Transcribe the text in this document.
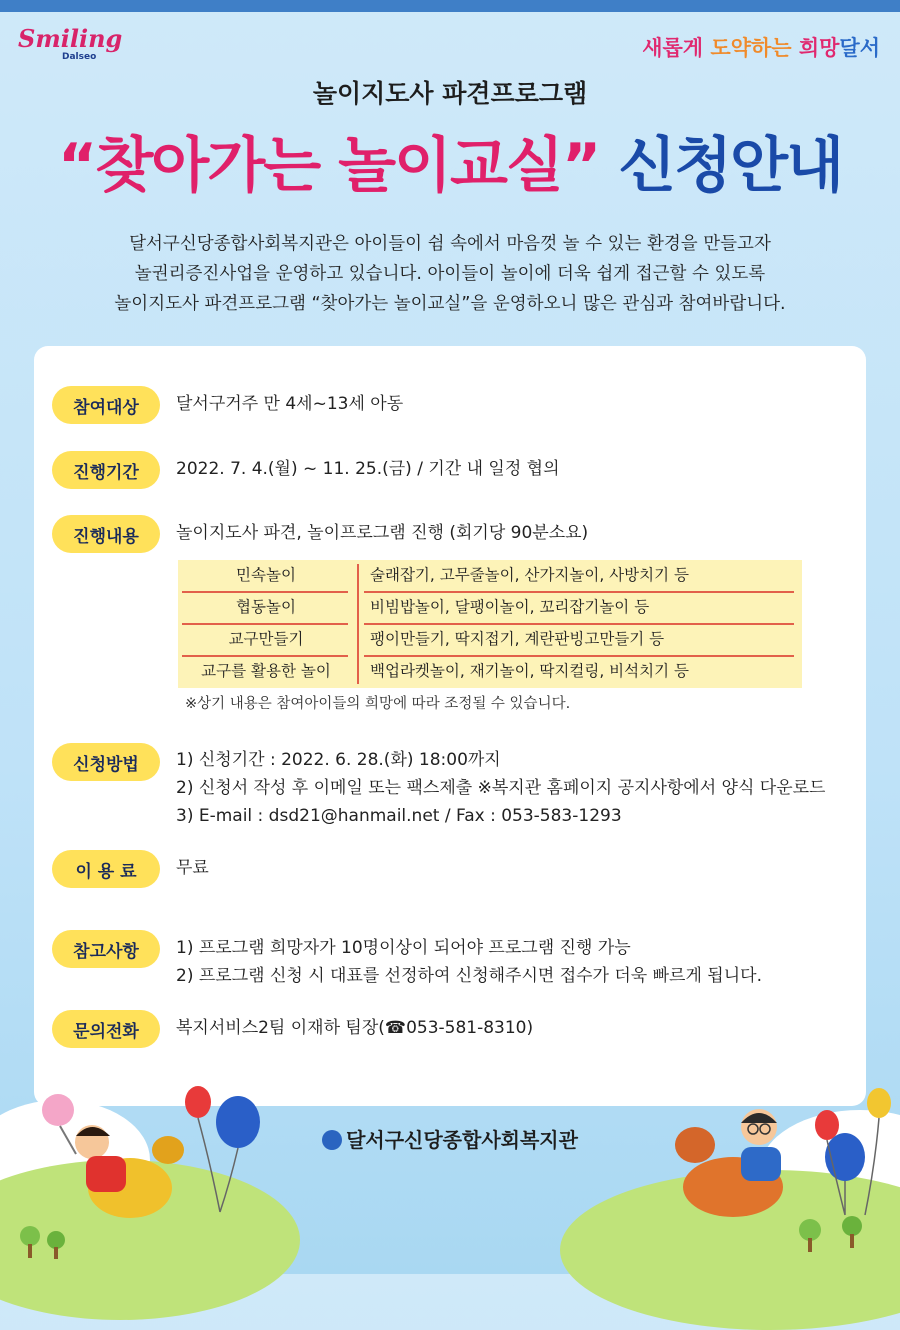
Smiling
Dalseo	새롭게 도약하는 희망달서
놀이지도사 파견프로그램
“찾아가는 놀이교실” 신청안내
달서구신당종합사회복지관은 아이들이 쉼 속에서 마음껏 놀 수 있는 환경을 만들고자
놀권리증진사업을 운영하고 있습니다. 아이들이 놀이에 더욱 쉽게 접근할 수 있도록
놀이지도사 파견프로그램 “찾아가는 놀이교실”을 운영하오니 많은 관심과 참여바랍니다.
참여대상	달서구거주 만 4세~13세 아동
진행기간	2022. 7. 4.(월) ~ 11. 25.(금) / 기간 내 일정 협의
진행내용	놀이지도사 파견, 놀이프로그램 진행 (회기당 90분소요)
민속놀이	술래잡기, 고무줄놀이, 산가지놀이, 사방치기 등
협동놀이	비빔밥놀이, 달팽이놀이, 꼬리잡기놀이 등
교구만들기	팽이만들기, 딱지접기, 계란판빙고만들기 등
교구를 활용한 놀이	백업라켓놀이, 재기놀이, 딱지컬링, 비석치기 등
※상기 내용은 참여아이들의 희망에 따라 조정될 수 있습니다.
신청방법	1) 신청기간 : 2022. 6. 28.(화) 18:00까지
2) 신청서 작성 후 이메일 또는 팩스제출 ※복지관 홈페이지 공지사항에서 양식 다운로드
3) E-mail : dsd21@hanmail.net / Fax : 053-583-1293
이 용 료	무료
참고사항	1) 프로그램 희망자가 10명이상이 되어야 프로그램 진행 가능
2) 프로그램 신청 시 대표를 선정하여 신청해주시면 접수가 더욱 빠르게 됩니다.
문의전화	복지서비스2팀 이재하 팀장(☎053-581-8310)
달서구신당종합사회복지관
